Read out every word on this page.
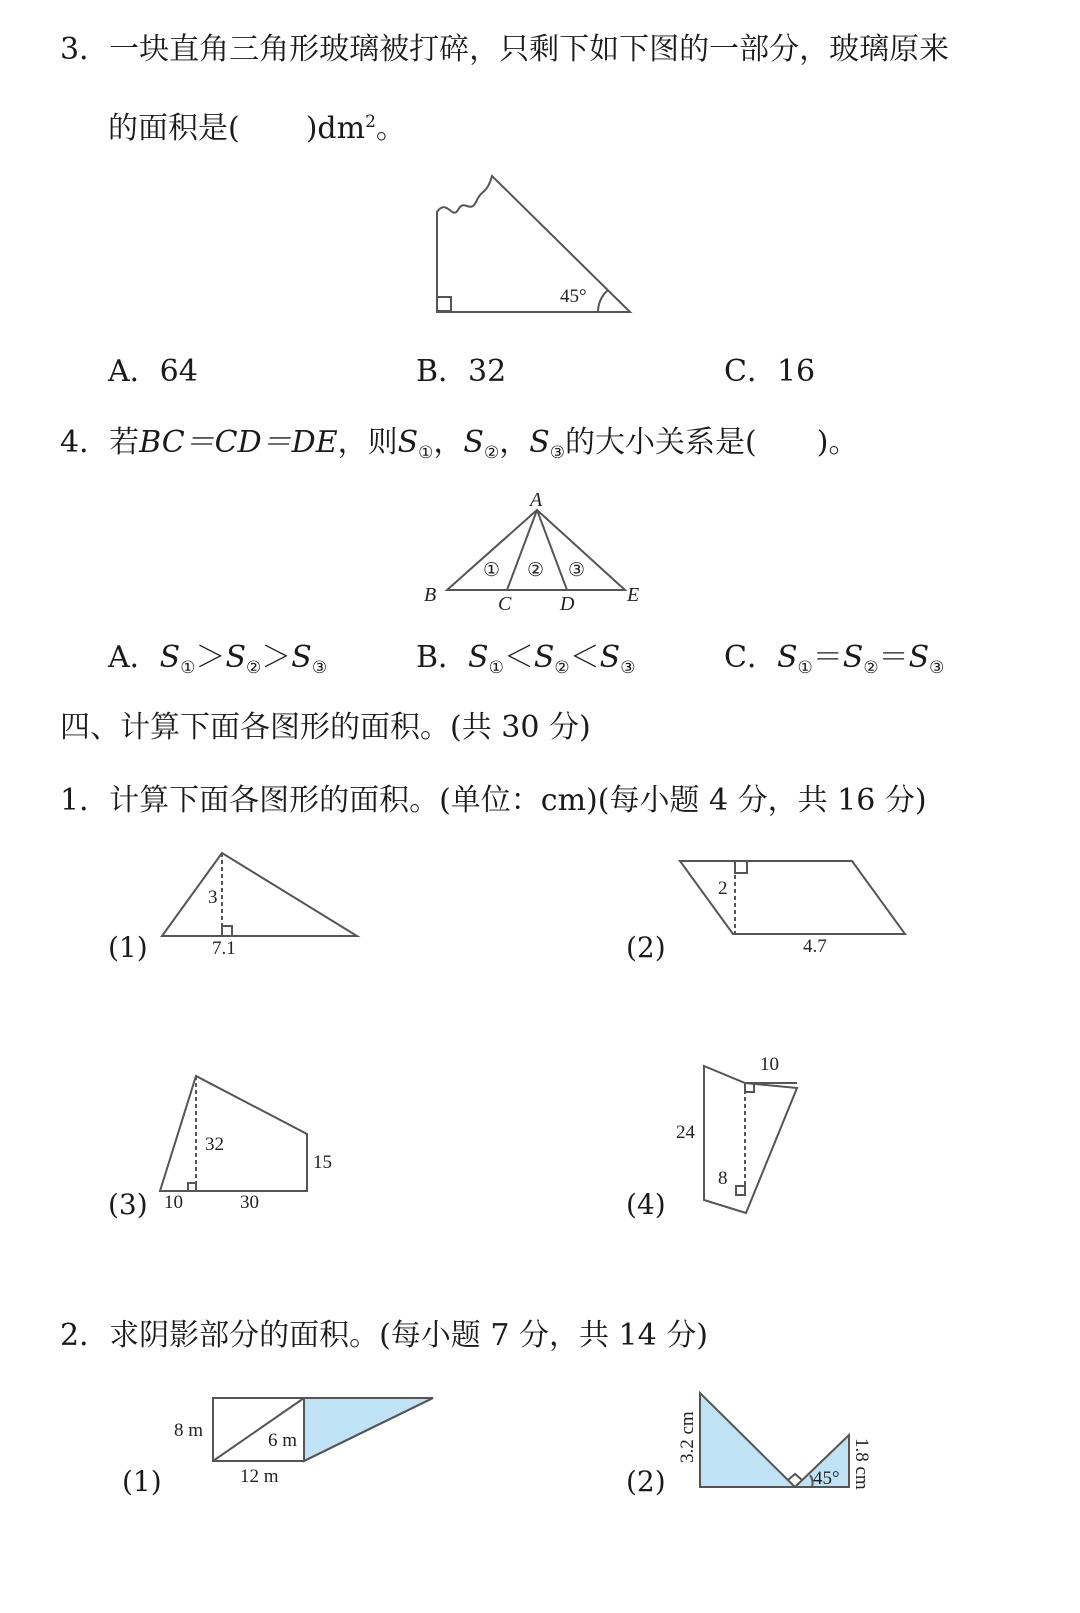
3．一块直角三角形玻璃被打碎，只剩下如下图的一部分，玻璃原来
的面积是( )$dm^2$。
45°
A
B	C D	E
① ② ③
3
7.1
2
4.7
32
15
10	30
10
24
8
8 m	6 m
12 m
3.2 cm
1.8 cm
45°
A．64	B．32	C．16
4．若BC＝CD＝DE，则$S_①$，$S_②$，$S_③$的大小关系是( )。
A．$S_①>S_②>S_③$	B．$S_①<S_②<S_③$	C．$S_①=S_②=S_③$
四、计算下面各图形的面积。(共 30 分)
1．计算下面各图形的面积。(单位：cm)(每小题 4 分，共 16 分)
(1)	(2)
(3)	(4)
2．求阴影部分的面积。(每小题 7 分，共 14 分)
(1)	(2)
